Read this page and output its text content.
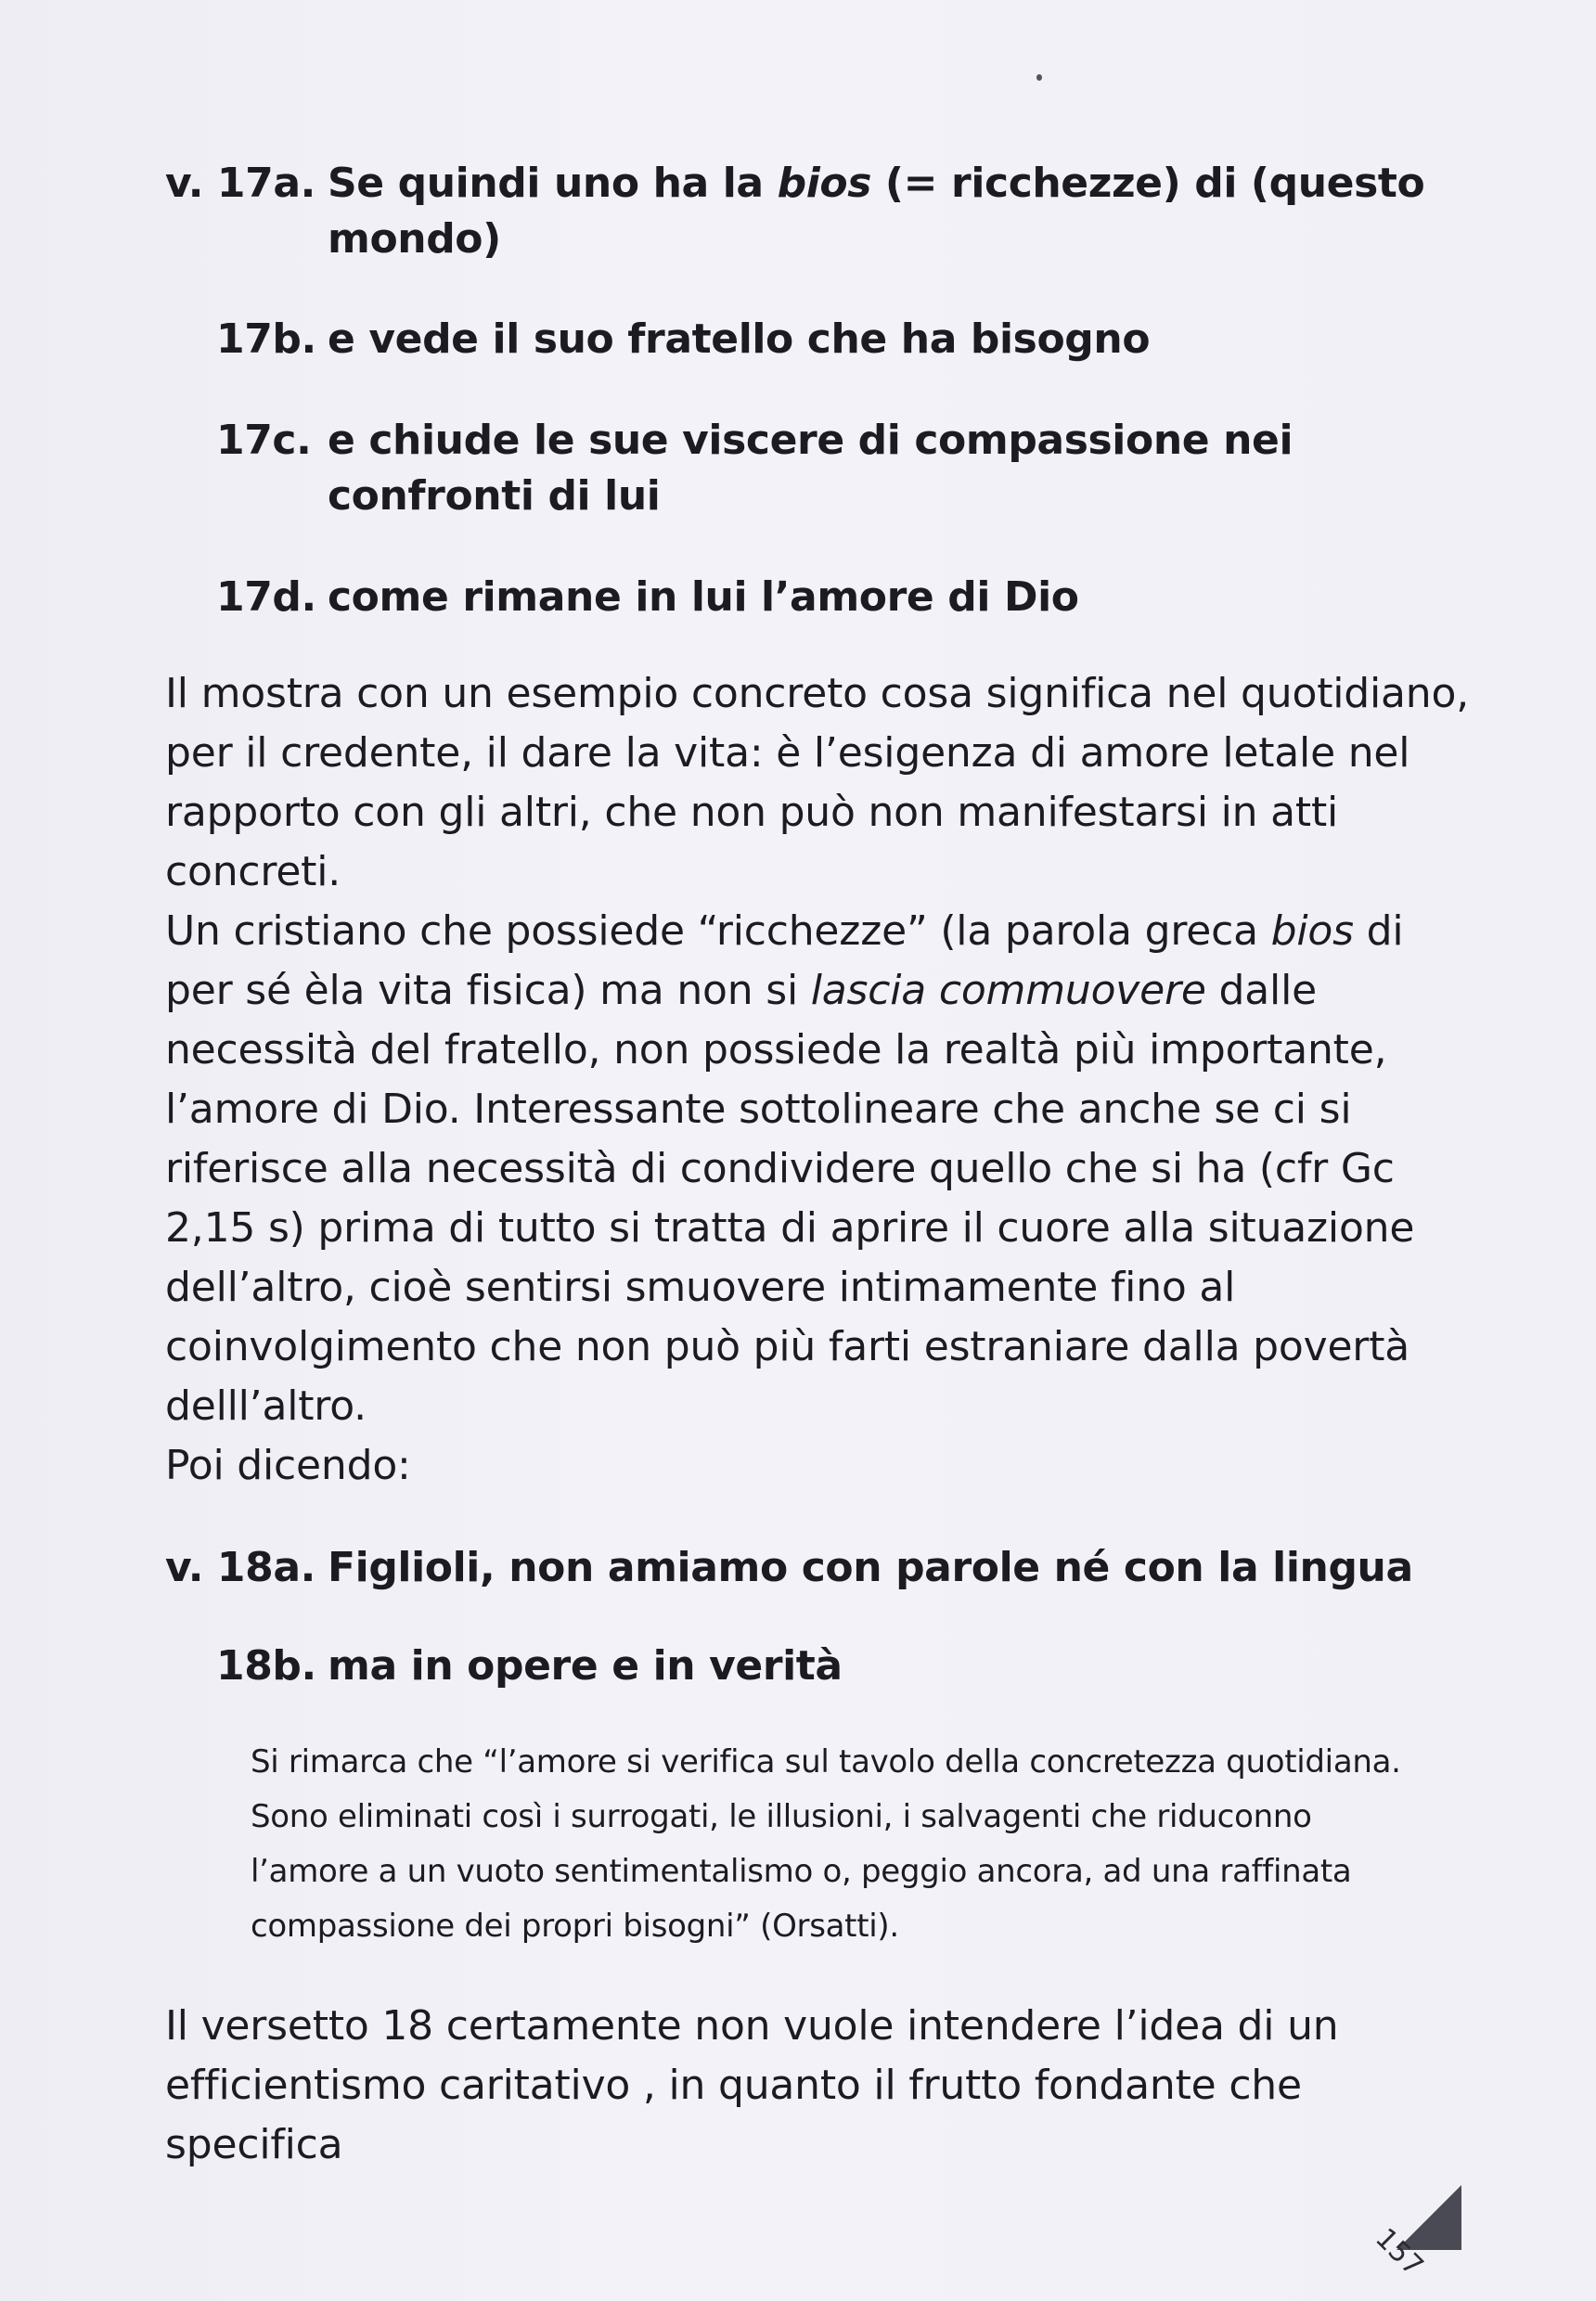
v. 17a. Se quindi uno ha la bios (= ricchezze) di (questo mondo)
17b. e vede il suo fratello che ha bisogno
17c. e chiude le sue viscere di compassione nei confronti di lui
17d. come rimane in lui l’amore di Dio

Il mostra con un esempio concreto cosa significa nel quotidiano, per il credente, il dare la vita: è l’esigenza di amore letale nel rapporto con gli altri, che non può non manifestarsi in atti concreti.

Un cristiano che possiede “ricchezze” (la parola greca bios di per sé èla vita fisica) ma non si lascia commuovere dalle necessità del fratello, non possiede la realtà più importante, l’amore di Dio. Interessante sottolineare che anche se ci si riferisce alla necessità di condividere quello che si ha (cfr Gc 2,15 s) prima di tutto si tratta di aprire il cuore alla situazione dell’altro, cioè sentirsi smuovere intimamente fino al coinvolgimento che non può più farti estraniare dalla povertà delll’altro.

Poi dicendo:

v. 18a. Figlioli, non amiamo con parole né con la lingua
18b. ma in opere e in verità
Si rimarca che “l’amore si verifica sul tavolo della concretezza quotidiana. Sono eliminati così i surrogati, le illusioni, i salvagenti che riduconno l’amore a un vuoto sentimentalismo o, peggio ancora, ad una raffinata compassione dei propri bisogni” (Orsatti).
Il versetto 18 certamente non vuole intendere l’idea di un efficientismo caritativo , in quanto il frutto fondante che specifica
157
